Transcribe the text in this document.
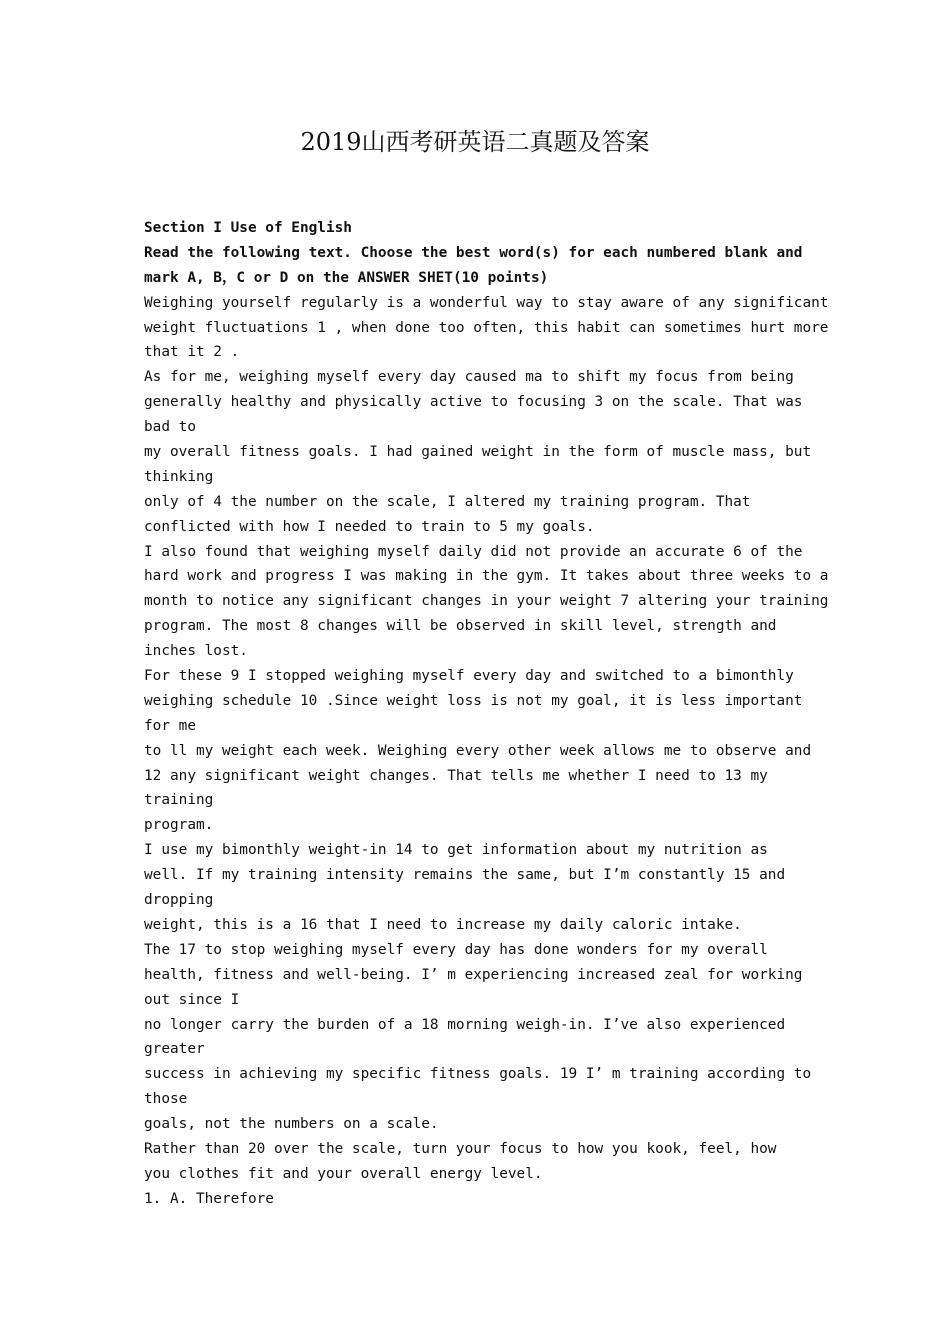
2019山西考研英语二真题及答案
Section I Use of English
Read the following text. Choose the best word(s) for each numbered blank and
mark A, B，C or D on the ANSWER SHET(10 points)
Weighing yourself regularly is a wonderful way to stay aware of any significant
weight fluctuations 1 , when done too often, this habit can sometimes hurt more
that it 2 .
As for me, weighing myself every day caused ma to shift my focus from being
generally healthy and physically active to focusing 3 on the scale. That was
bad to
my overall fitness goals. I had gained weight in the form of muscle mass, but
thinking
only of 4 the number on the scale, I altered my training program. That
conflicted with how I needed to train to 5 my goals.
I also found that weighing myself daily did not provide an accurate 6 of the
hard work and progress I was making in the gym. It takes about three weeks to a
month to notice any significant changes in your weight 7 altering your training
program. The most 8 changes will be observed in skill level, strength and
inches lost.
For these 9 I stopped weighing myself every day and switched to a bimonthly
weighing schedule 10 .Since weight loss is not my goal, it is less important
for me
to ll my weight each week. Weighing every other week allows me to observe and
12 any significant weight changes. That tells me whether I need to 13 my
training
program.
I use my bimonthly weight-in 14 to get information about my nutrition as
well. If my training intensity remains the same, but I’m constantly 15 and
dropping
weight, this is a 16 that I need to increase my daily caloric intake.
The 17 to stop weighing myself every day has done wonders for my overall
health, fitness and well-being. I’ m experiencing increased zeal for working
out since I
no longer carry the burden of a 18 morning weigh-in. I’ve also experienced
greater
success in achieving my specific fitness goals. 19 I’ m training according to
those
goals, not the numbers on a scale.
Rather than 20 over the scale, turn your focus to how you kook, feel, how
you clothes fit and your overall energy level.
1. A. Therefore
